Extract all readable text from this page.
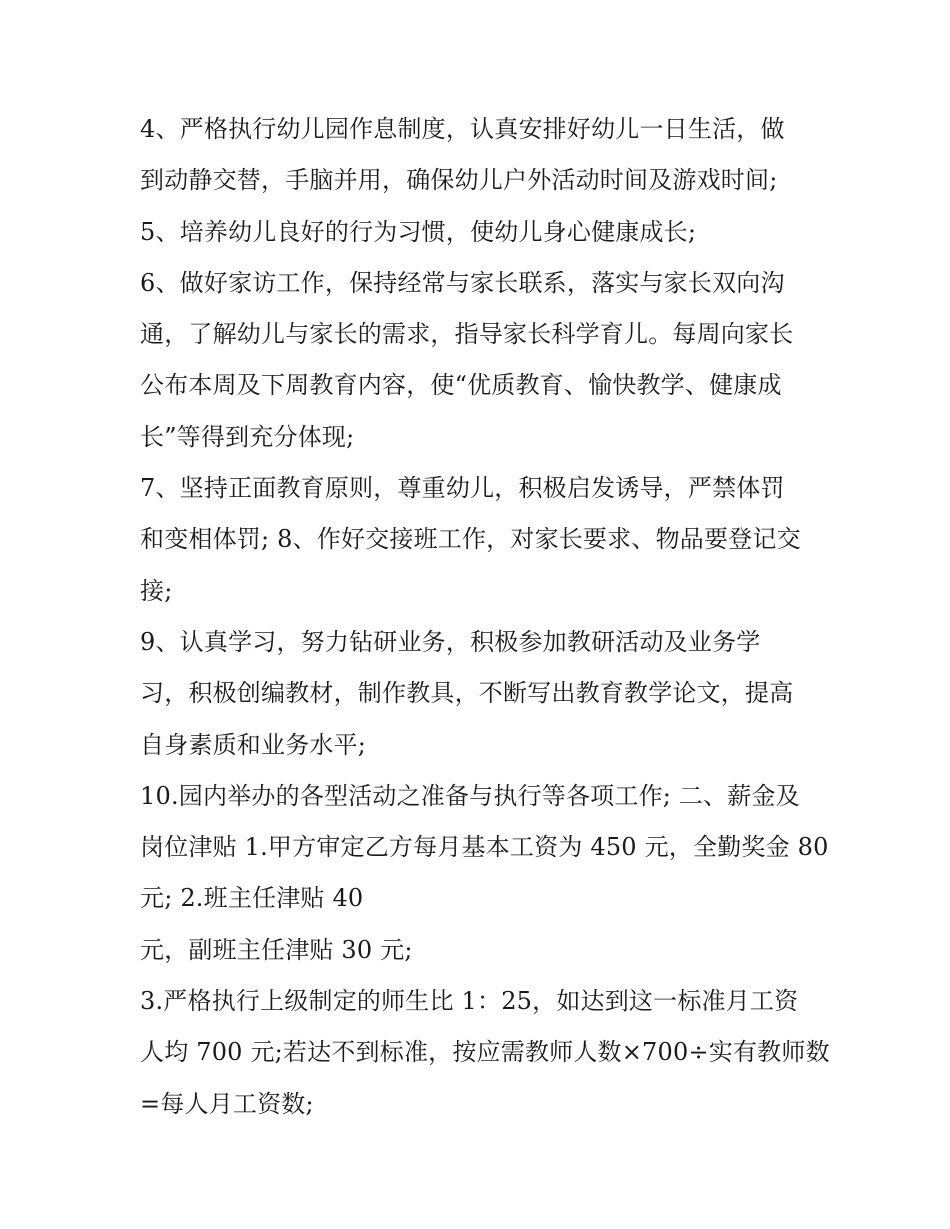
4、严格执行幼儿园作息制度，认真安排好幼儿一日生活，做
到动静交替，手脑并用，确保幼儿户外活动时间及游戏时间;
5、培养幼儿良好的行为习惯，使幼儿身心健康成长;
6、做好家访工作，保持经常与家长联系，落实与家长双向沟
通，了解幼儿与家长的需求，指导家长科学育儿。每周向家长
公布本周及下周教育内容，使“优质教育、愉快教学、健康成
长”等得到充分体现;
7、坚持正面教育原则，尊重幼儿，积极启发诱导，严禁体罚
和变相体罚; 8、作好交接班工作，对家长要求、物品要登记交
接;
9、认真学习，努力钻研业务，积极参加教研活动及业务学
习，积极创编教材，制作教具，不断写出教育教学论文，提高
自身素质和业务水平;
10.园内举办的各型活动之准备与执行等各项工作; 二、薪金及
岗位津贴 1.甲方审定乙方每月基本工资为 450 元，全勤奖金 80
元; 2.班主任津贴 40
元，副班主任津贴 30 元;
3.严格执行上级制定的师生比 1：25，如达到这一标准月工资
人均 700 元;若达不到标准，按应需教师人数×700÷实有教师数
=每人月工资数;
